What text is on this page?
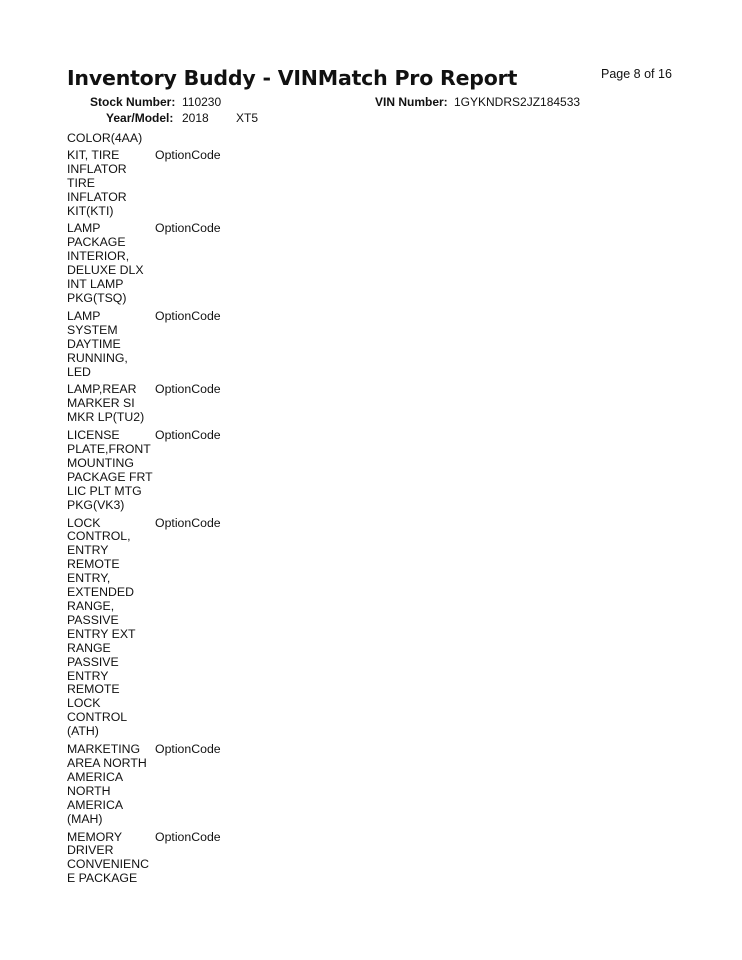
Inventory Buddy - VINMatch Pro Report	Page 8 of 16
Stock Number: 110230	VIN Number: 1GYKNDRS2JZ184533
Year/Model: 2018 XT5
COLOR(4AA)
KIT, TIRE
INFLATOR
TIRE
INFLATOR
KIT(KTI)
OptionCode
LAMP
PACKAGE
INTERIOR,
DELUXE DLX
INT LAMP
PKG(TSQ)
OptionCode
LAMP
SYSTEM
DAYTIME
RUNNING,
LED
OptionCode
LAMP,REAR
MARKER SI
MKR LP(TU2)
OptionCode
LICENSE
PLATE,FRONT
MOUNTING
PACKAGE FRT
LIC PLT MTG
PKG(VK3)
OptionCode
LOCK
CONTROL,
ENTRY
REMOTE
ENTRY,
EXTENDED
RANGE,
PASSIVE
ENTRY EXT
RANGE
PASSIVE
ENTRY
REMOTE
LOCK
CONTROL
(ATH)
OptionCode
MARKETING
AREA NORTH
AMERICA
NORTH
AMERICA
(MAH)
OptionCode
MEMORY
DRIVER
CONVENIENC
E PACKAGE
OptionCode
